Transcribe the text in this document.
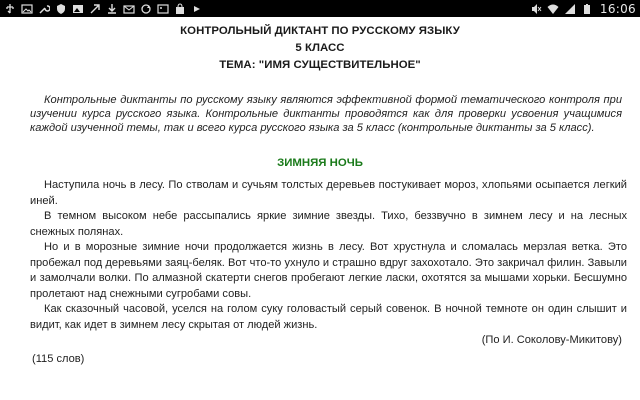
16:06
КОНТРОЛЬНЫЙ ДИКТАНТ ПО РУССКОМУ ЯЗЫКУ
5 КЛАСС
ТЕМА: "ИМЯ СУЩЕСТВИТЕЛЬНОЕ"
Контрольные диктанты по русскому языку являются эффективной формой тематического контроля при изучении курса русского языка. Контрольные диктанты проводятся как для проверки усвоения учащимися каждой изученной темы, так и всего курса русского языка за 5 класс (контрольные диктанты за 5 класс).
ЗИМНЯЯ НОЧЬ
Наступила ночь в лесу. По стволам и сучьям толстых деревьев постукивает мороз, хлопьями осыпается легкий иней.
В темном высоком небе рассыпались яркие зимние звезды. Тихо, беззвучно в зимнем лесу и на лесных снежных полянах.
Но и в морозные зимние ночи продолжается жизнь в лесу. Вот хрустнула и сломалась мерзлая ветка. Это пробежал под деревьями заяц-беляк. Вот что-то ухнуло и страшно вдруг захохотало. Это закричал филин. Завыли и замолчали волки. По алмазной скатерти снегов пробегают легкие ласки, охотятся за мышами хорьки. Бесшумно пролетают над снежными сугробами совы.
Как сказочный часовой, уселся на голом суку головастый серый совенок. В ночной темноте он один слышит и видит, как идет в зимнем лесу скрытая от людей жизнь.
(По И. Соколову-Микитову)
(115 слов)
